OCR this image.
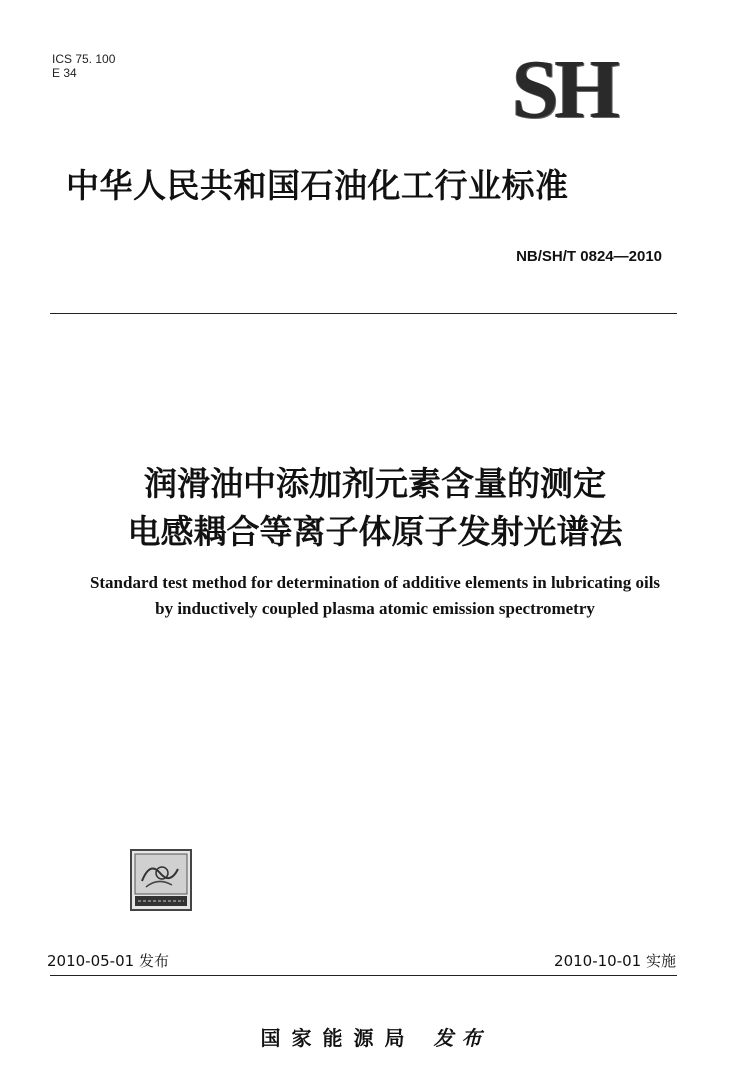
ICS 75. 100
E 34	SH
中华人民共和国石油化工行业标准
NB/SH/T 0824—2010
润滑油中添加剂元素含量的测定
电感耦合等离子体原子发射光谱法
Standard test method for determination of additive elements in lubricating oils
by inductively coupled plasma atomic emission spectrometry
2010-05-01 发布	2010-10-01 实施
国家能源局 发布
